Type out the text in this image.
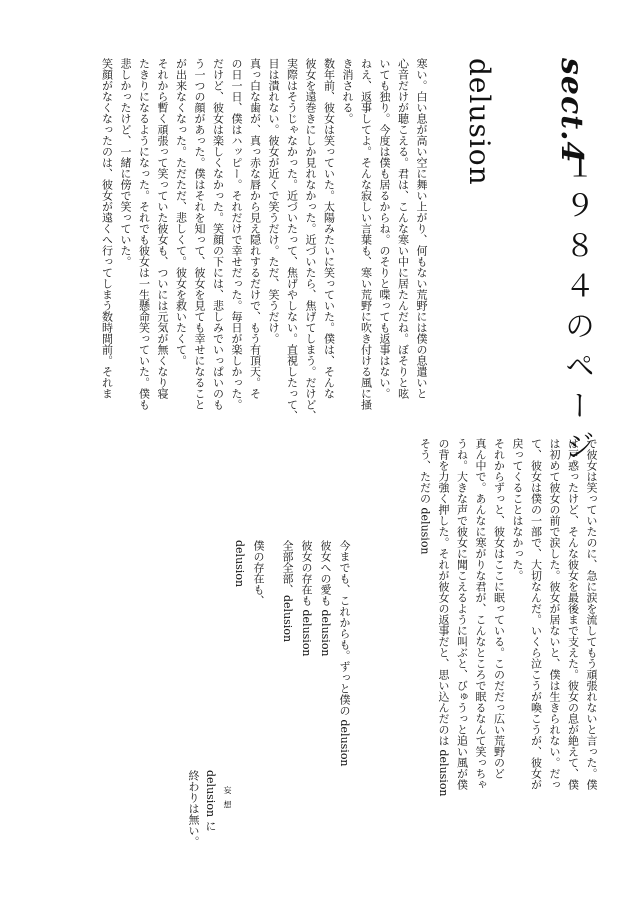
sect.4
１９８４のページ
delusion

寒い。白い息が高い空に舞い上がり、何もない荒野には僕の息遣いと

心音だけが聴こえる。君は、こんな寒い中に居たんだね。ぼそりと呟

いても独り。今度は僕も居るからね。のそりと喋っても返事はない。

ねえ、返事してよ。そんな寂しい言葉も、寒い荒野に吹き付ける風に掻

き消される。

数年前、彼女は笑っていた。太陽みたいに笑っていた。僕は、そんな

彼女を遠巻きにしか見れなかった。近づいたら、焦げてしまう。だけど、

実際はそうじゃなかった。近づいたって、焦げやしない。直視したって、

目は潰れない。彼女が近くで笑うだけ。ただ、笑うだけ。

真っ白な歯が、真っ赤な唇から見え隠れするだけで、もう有頂天。そ

の日一日、僕はハッピー。それだけで幸せだった。毎日が楽しかった。

だけど、彼女は楽しくなかった。笑顔の下には、悲しみでいっぱいのも

う一つの顔があった。僕はそれを知って、彼女を見ても幸せになること

が出来なくなった。ただただ、悲しくて。彼女を救いたくて。

それから暫く頑張って笑っていた彼女も、ついには元気が無くなり寝

たきりになるようになった。それでも彼女は一生懸命笑っていた。僕も

悲しかったけど、一緒に傍で笑っていた。

笑顔がなくなったのは、彼女が遠くへ行ってしまう数時間前。それま

で彼女は笑っていたのに、急に涙を流してもう頑張れないと言った。僕

は戸惑ったけど、そんな彼女を最後まで支えた。彼女の息が絶えて、僕

は初めて彼女の前で涙した。彼女が居ないと、僕は生きられない。だっ

て、彼女は僕の一部で、大切なんだ。いくら泣こうが喚こうが、彼女が

戻ってくることはなかった。

それからずっと、彼女はここに眠っている。このだだっ広い荒野のど

真ん中で。あんなに寒がりな君が、こんなところで眠るなんて笑っちゃ

うね。大きな声で彼女に聞こえるように叫ぶと、びゅうっと追い風が僕

の背を力強く押した。それが彼女の返事だと、思い込んだのは delusion

そう、ただの delusion

今までも、これからも。ずっと僕の delusion

彼女への愛も delusion

彼女の存在も delusion

全部全部、delusion

僕の存在も、

delusion

妄 想

delusion に

終わりは無い。
